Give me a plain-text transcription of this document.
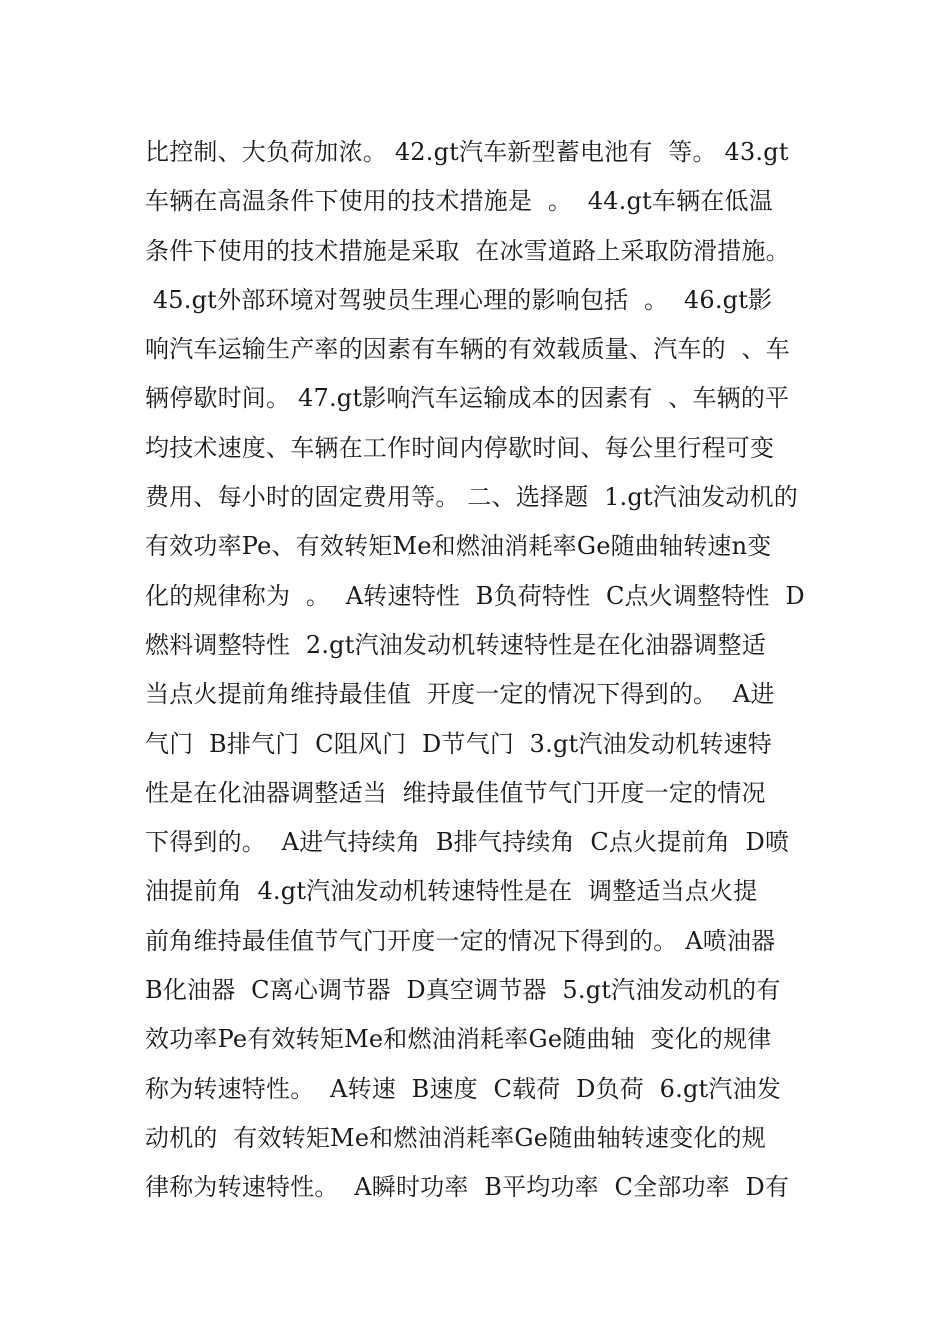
比控制、大负荷加浓。 42.gt汽车新型蓄电池有  等。 43.gt
车辆在高温条件下使用的技术措施是  。  44.gt车辆在低温
条件下使用的技术措施是采取  在冰雪道路上采取防滑措施。
45.gt外部环境对驾驶员生理心理的影响包括  。  46.gt影
响汽车运输生产率的因素有车辆的有效载质量、汽车的  、车
辆停歇时间。 47.gt影响汽车运输成本的因素有  、车辆的平
均技术速度、车辆在工作时间内停歇时间、每公里行程可变
费用、每小时的固定费用等。 二、选择题  1.gt汽油发动机的
有效功率Pe、有效转矩Me和燃油消耗率Ge随曲轴转速n变
化的规律称为  。  A转速特性  B负荷特性  C点火调整特性  D
燃料调整特性  2.gt汽油发动机转速特性是在化油器调整适
当点火提前角维持最佳值  开度一定的情况下得到的。  A进
气门  B排气门  C阻风门  D节气门  3.gt汽油发动机转速特
性是在化油器调整适当  维持最佳值节气门开度一定的情况
下得到的。  A进气持续角  B排气持续角  C点火提前角  D喷
油提前角  4.gt汽油发动机转速特性是在  调整适当点火提
前角维持最佳值节气门开度一定的情况下得到的。 A喷油器
B化油器  C离心调节器  D真空调节器  5.gt汽油发动机的有
效功率Pe有效转矩Me和燃油消耗率Ge随曲轴  变化的规律
称为转速特性。  A转速  B速度  C载荷  D负荷  6.gt汽油发
动机的  有效转矩Me和燃油消耗率Ge随曲轴转速变化的规
律称为转速特性。  A瞬时功率  B平均功率  C全部功率  D有
